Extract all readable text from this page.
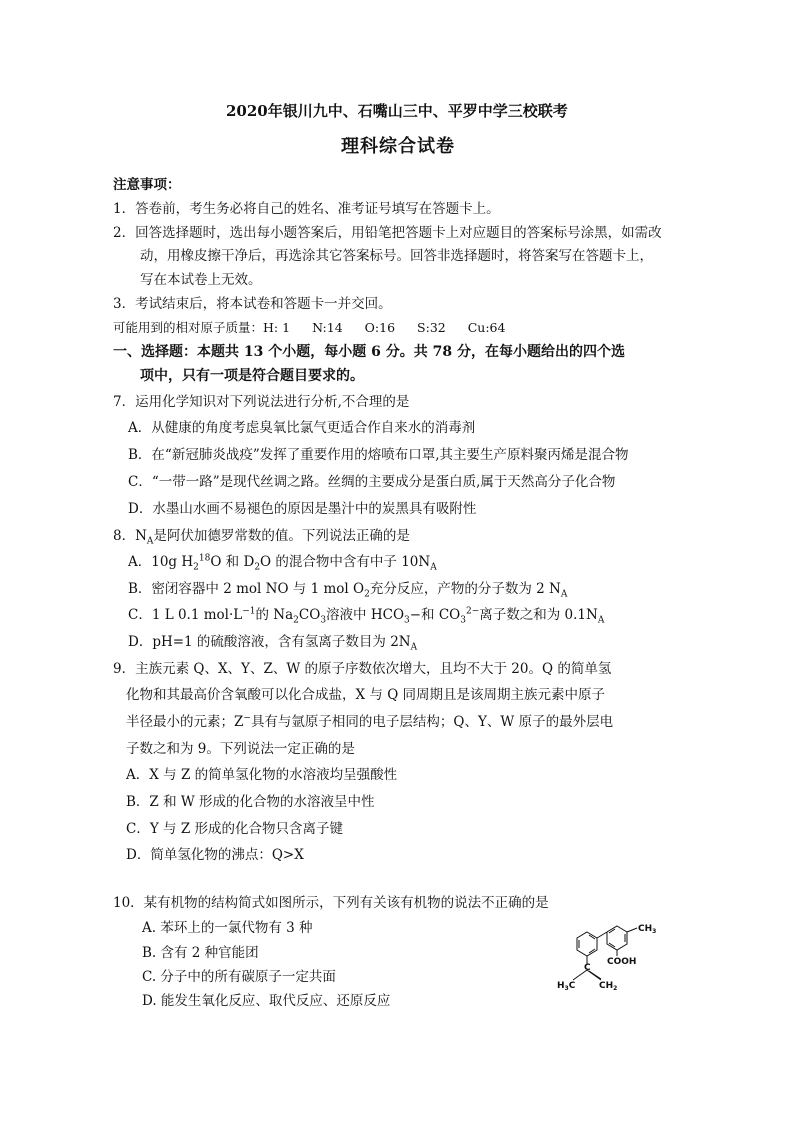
2020年银川九中、石嘴山三中、平罗中学三校联考
理科综合试卷
注意事项：
1．答卷前，考生务必将自己的姓名、准考证号填写在答题卡上。
2．回答选择题时，选出每小题答案后，用铅笔把答题卡上对应题目的答案标号涂黑，如需改
动，用橡皮擦干净后，再选涂其它答案标号。回答非选择题时，将答案写在答题卡上，
写在本试卷上无效。
3．考试结束后，将本试卷和答题卡一并交回。
可能用到的相对原子质量：H: 1 N:14 O:16 S:32 Cu:64
一、选择题：本题共 13 个小题，每小题 6 分。共 78 分，在每小题给出的四个选
项中，只有一项是符合题目要求的。
7．运用化学知识对下列说法进行分析,不合理的是
A．从健康的角度考虑臭氧比氯气更适合作自来水的消毒剂
B．在“新冠肺炎战疫”发挥了重要作用的熔喷布口罩,其主要生产原料聚丙烯是混合物
C．“一带一路”是现代丝调之路。丝绸的主要成分是蛋白质,属于天然高分子化合物
D．水墨山水画不易褪色的原因是墨汁中的炭黑具有吸附性
8．$N_A$是阿伏加德罗常数的值。下列说法正确的是
A．10g $H_2^{18}O$ 和 $D_2O$ 的混合物中含有中子 $10N_A$
B．密闭容器中 2 mol NO 与 1 mol $O_2$充分反应，产物的分子数为 2 $N_A$
C．1 L 0.1 $mol\cdot L^{-1}$的 $Na_2CO_3$溶液中 $HCO_3-$和 $CO_3^{2-}$离子数之和为 $0.1N_A$
D．pH=1 的硫酸溶液，含有氢离子数目为 $2N_A$
9．主族元素 Q、X、Y、Z、W 的原子序数依次增大，且均不大于 20。Q 的简单氢
化物和其最高价含氧酸可以化合成盐，X 与 Q 同周期且是该周期主族元素中原子
半径最小的元素；Z−具有与氩原子相同的电子层结构；Q、Y、W 原子的最外层电
子数之和为 9。下列说法一定正确的是
A．X 与 Z 的简单氢化物的水溶液均呈强酸性
B．Z 和 W 形成的化合物的水溶液呈中性
C．Y 与 Z 形成的化合物只含离子键
D．简单氢化物的沸点：Q>X
10．某有机物的结构简式如图所示，下列有关该有机物的说法不正确的是
A. 苯环上的一氯代物有 3 种
B. 含有 2 种官能团
C. 分子中的所有碳原子一定共面
D. 能发生氧化反应、取代反应、还原反应
$CH_3$
COOH
C
$H_3C$	$CH_2$
